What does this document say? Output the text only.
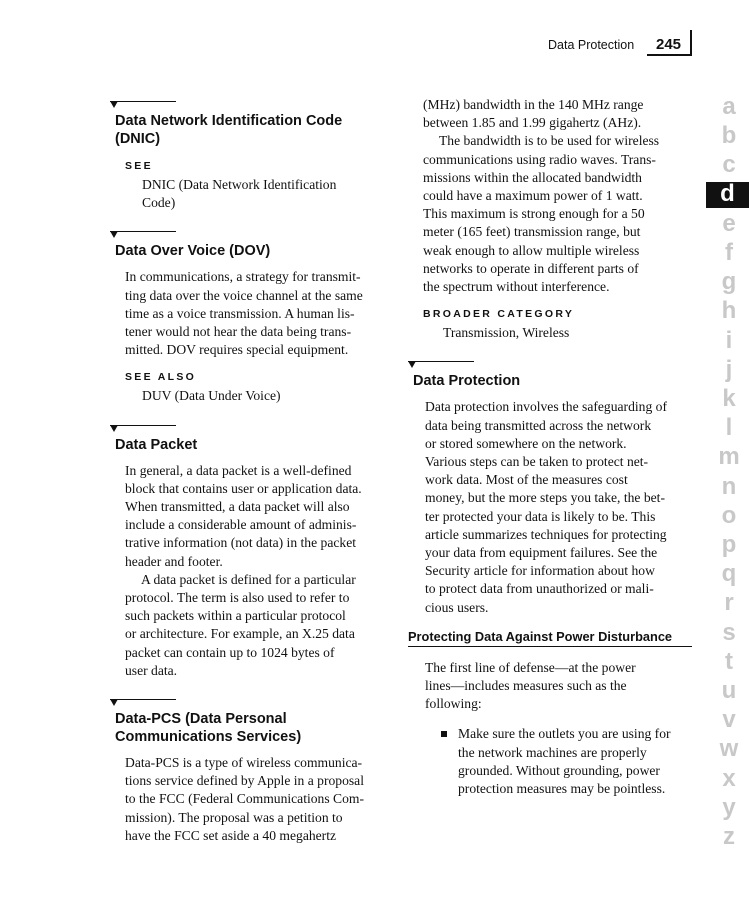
Data Protection 245
Data Network Identification Code
(DNIC)
SEE
DNIC (Data Network Identification
Code)
Data Over Voice (DOV)
In communications, a strategy for transmit-
ting data over the voice channel at the same
time as a voice transmission. A human lis-
tener would not hear the data being trans-
mitted. DOV requires special equipment.
SEE ALSO
DUV (Data Under Voice)
Data Packet
In general, a data packet is a well-defined
block that contains user or application data.
When transmitted, a data packet will also
include a considerable amount of adminis-
trative information (not data) in the packet
header and footer.
A data packet is defined for a particular
protocol. The term is also used to refer to
such packets within a particular protocol
or architecture. For example, an X.25 data
packet can contain up to 1024 bytes of
user data.
Data-PCS (Data Personal
Communications Services)
Data-PCS is a type of wireless communica-
tions service defined by Apple in a proposal
to the FCC (Federal Communications Com-
mission). The proposal was a petition to
have the FCC set aside a 40 megahertz
(MHz) bandwidth in the 140 MHz range
between 1.85 and 1.99 gigahertz (AHz).
The bandwidth is to be used for wireless
communications using radio waves. Trans-
missions within the allocated bandwidth
could have a maximum power of 1 watt.
This maximum is strong enough for a 50
meter (165 feet) transmission range, but
weak enough to allow multiple wireless
networks to operate in different parts of
the spectrum without interference.
BROADER CATEGORY
Transmission, Wireless
Data Protection
Data protection involves the safeguarding of
data being transmitted across the network
or stored somewhere on the network.
Various steps can be taken to protect net-
work data. Most of the measures cost
money, but the more steps you take, the bet-
ter protected your data is likely to be. This
article summarizes techniques for protecting
your data from equipment failures. See the
Security article for information about how
to protect data from unauthorized or mali-
cious users.
Protecting Data Against Power Disturbance
The first line of defense—at the power
lines—includes measures such as the
following:
Make sure the outlets you are using for
the network machines are properly
grounded. Without grounding, power
protection measures may be pointless.
a
b
c
d
e
f
g
h
i
j
k
l
m
n
o
p
q
r
s
t
u
v
w
x
y
z
